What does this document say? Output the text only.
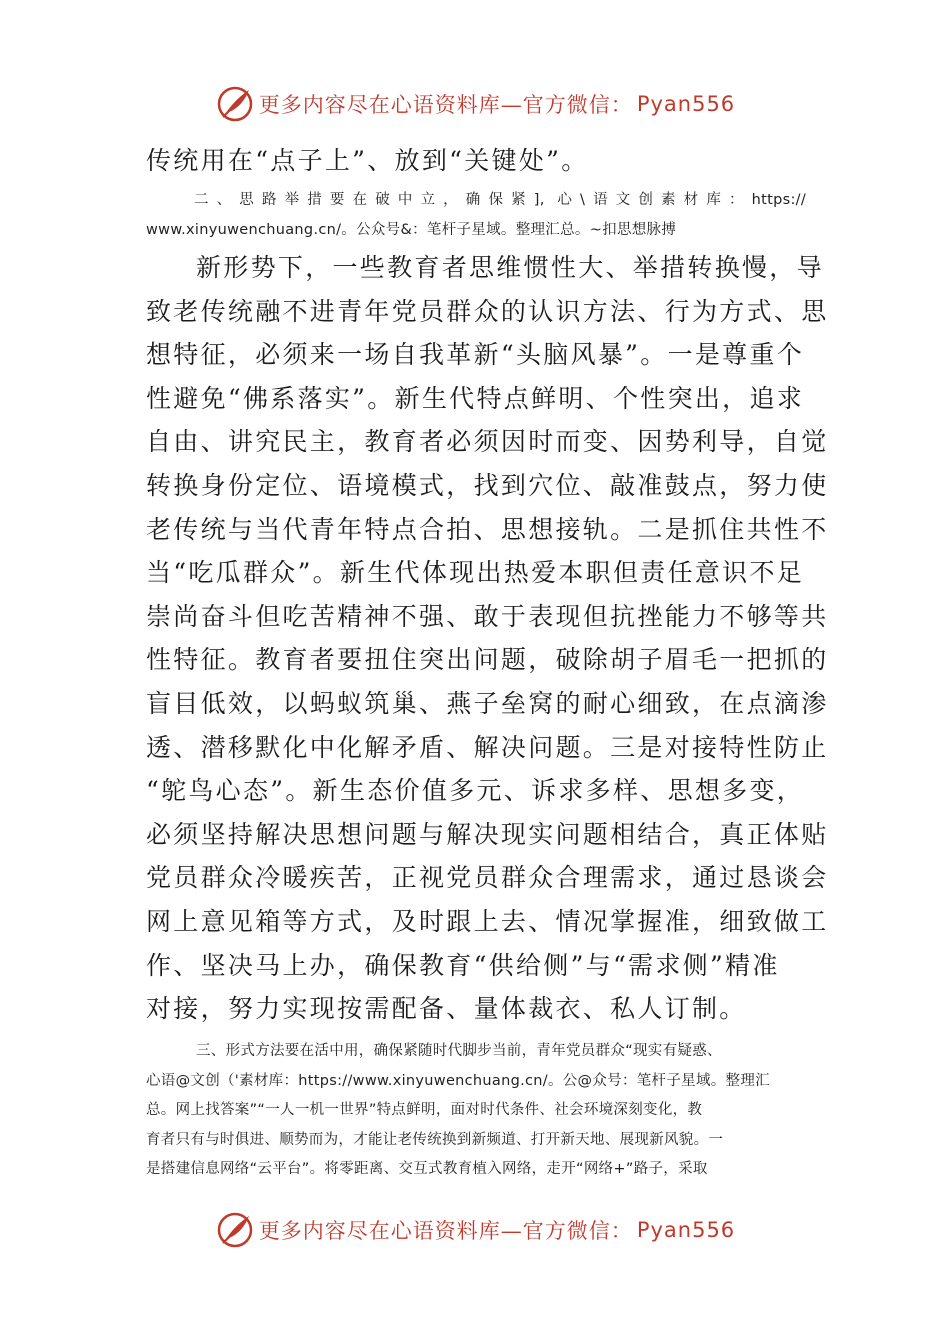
更多内容尽在心语资料库—官方微信： Pyan556

传统用在“点子上”、放到“关键处”。

二、思路举措要在破中立，确保紧], 心\语文创素材库：https://

www.xinyuwenchuang.cn/。公众号&：笔杆子星域。整理汇总。~扣思想脉搏

新形势下，一些教育者思维惯性大、举措转换慢，导

致老传统融不进青年党员群众的认识方法、行为方式、思

想特征，必须来一场自我革新“头脑风暴”。一是尊重个

性避免“佛系落实”。新生代特点鲜明、个性突出，追求

自由、讲究民主，教育者必须因时而变、因势利导，自觉

转换身份定位、语境模式，找到穴位、敲准鼓点，努力使

老传统与当代青年特点合拍、思想接轨。二是抓住共性不

当“吃瓜群众”。新生代体现出热爱本职但责任意识不足

崇尚奋斗但吃苦精神不强、敢于表现但抗挫能力不够等共

性特征。教育者要扭住突出问题，破除胡子眉毛一把抓的

盲目低效，以蚂蚁筑巢、燕子垒窝的耐心细致，在点滴渗

透、潜移默化中化解矛盾、解决问题。三是对接特性防止

“鸵鸟心态”。新生态价值多元、诉求多样、思想多变，

必须坚持解决思想问题与解决现实问题相结合，真正体贴

党员群众冷暖疾苦，正视党员群众合理需求，通过恳谈会

网上意见箱等方式，及时跟上去、情况掌握准，细致做工

作、坚决马上办，确保教育“供给侧”与“需求侧”精准

对接，努力实现按需配备、量体裁衣、私人订制。

三、形式方法要在活中用，确保紧随时代脚步当前，青年党员群众“现实有疑惑、

心语@文创（'素材库：https://www.xinyuwenchuang.cn/。公@众号：笔杆子星域。整理汇

总。网上找答案”“一人一机一世界”特点鲜明，面对时代条件、社会环境深刻变化，教

育者只有与时俱进、顺势而为，才能让老传统换到新频道、打开新天地、展现新风貌。一

是搭建信息网络“云平台”。将零距离、交互式教育植入网络，走开“网络+”路子，采取

更多内容尽在心语资料库—官方微信： Pyan556
